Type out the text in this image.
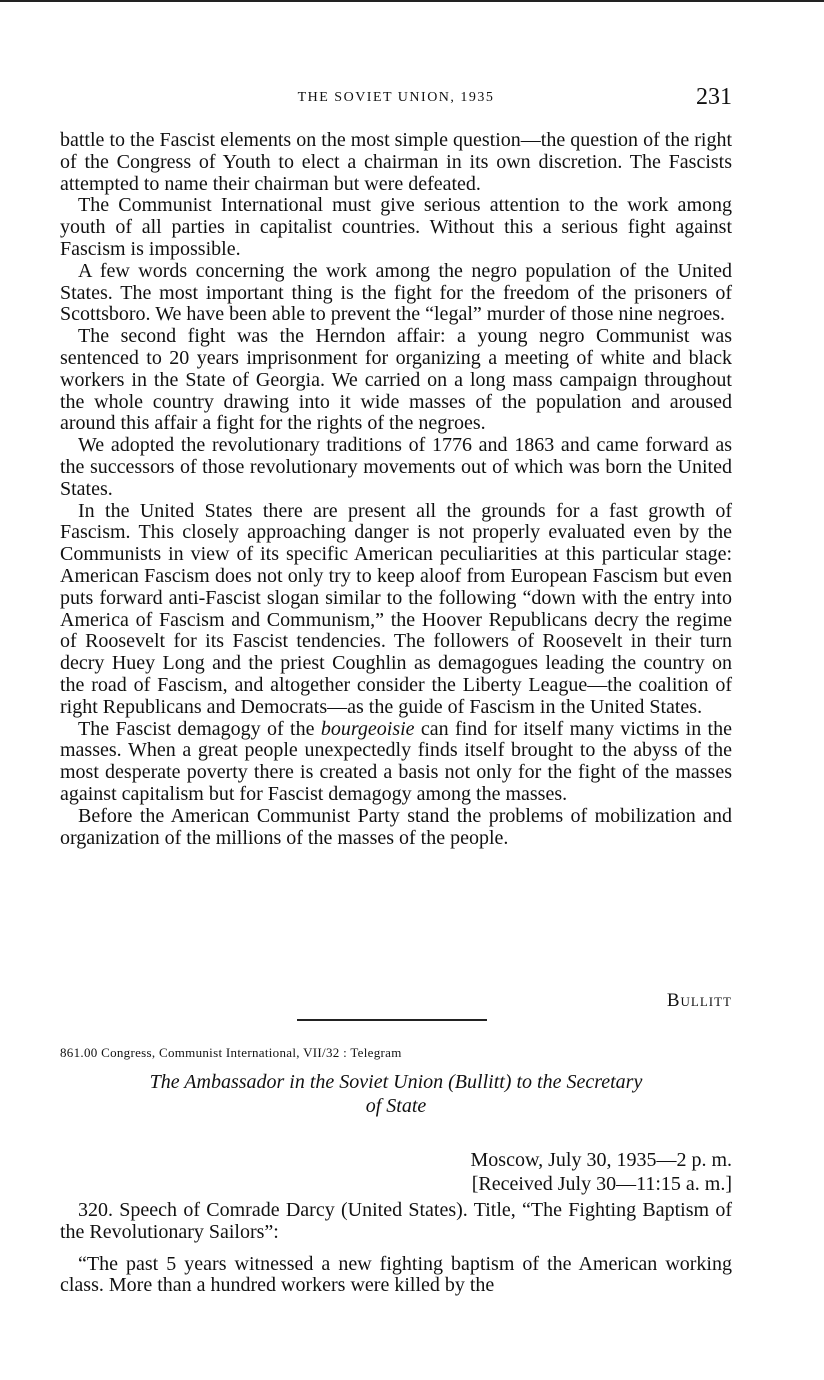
THE SOVIET UNION, 1935	231

battle to the Fascist elements on the most simple question—the question of the right of the Congress of Youth to elect a chairman in its own discretion. The Fascists attempted to name their chairman but were defeated.

The Communist International must give serious attention to the work among youth of all parties in capitalist countries. Without this a serious fight against Fascism is impossible.

A few words concerning the work among the negro population of the United States. The most important thing is the fight for the freedom of the prisoners of Scottsboro. We have been able to prevent the “legal” murder of those nine negroes.

The second fight was the Herndon affair: a young negro Communist was sentenced to 20 years imprisonment for organizing a meeting of white and black workers in the State of Georgia. We carried on a long mass campaign throughout the whole country drawing into it wide masses of the population and aroused around this affair a fight for the rights of the negroes.

We adopted the revolutionary traditions of 1776 and 1863 and came forward as the successors of those revolutionary movements out of which was born the United States.

In the United States there are present all the grounds for a fast growth of Fascism. This closely approaching danger is not properly evaluated even by the Communists in view of its specific American peculiarities at this particular stage: American Fascism does not only try to keep aloof from European Fascism but even puts forward anti-Fascist slogan similar to the following “down with the entry into America of Fascism and Communism,” the Hoover Republicans decry the regime of Roosevelt for its Fascist tendencies. The followers of Roosevelt in their turn decry Huey Long and the priest Coughlin as demagogues leading the country on the road of Fascism, and altogether consider the Liberty League—the coalition of right Republicans and Democrats—as the guide of Fascism in the United States.

The Fascist demagogy of the bourgeoisie can find for itself many victims in the masses. When a great people unexpectedly finds itself brought to the abyss of the most desperate poverty there is created a basis not only for the fight of the masses against capitalism but for Fascist demagogy among the masses.

Before the American Communist Party stand the problems of mobilization and organization of the millions of the masses of the people.

Bullitt
861.00 Congress, Communist International, VII/32 : Telegram
The Ambassador in the Soviet Union (Bullitt) to the Secretary
of State
Moscow, July 30, 1935—2 p. m.
[Received July 30—11:15 a. m.]

320. Speech of Comrade Darcy (United States). Title, “The Fighting Baptism of the Revolutionary Sailors”:

“The past 5 years witnessed a new fighting baptism of the American working class. More than a hundred workers were killed by the
